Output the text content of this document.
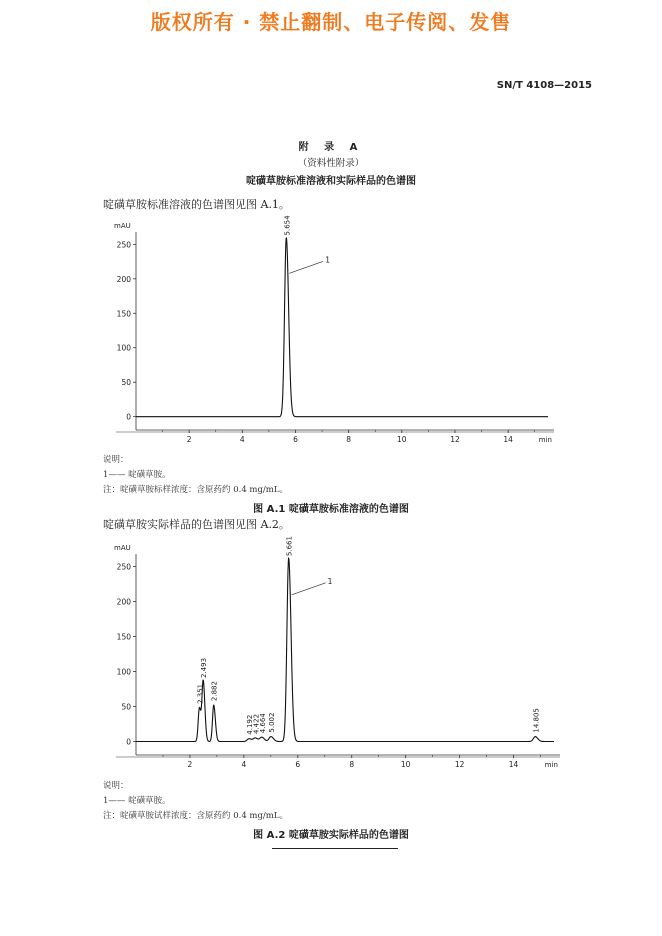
版权所有 · 禁止翻制、电子传阅、发售
SN/T 4108—2015
附 录 A
（资料性附录）
啶磺草胺标准溶液和实际样品的色谱图
啶磺草胺标准溶液的色谱图见图 A.1。
0
50
100
150
200
250
mAU
2	4	6	8	10	12	14	min
5.654
1
说明：
1—— 啶磺草胺。
注：啶磺草胺标样浓度：含原药约 0.4 mg/mL。
图 A.1 啶磺草胺标准溶液的色谱图
啶磺草胺实际样品的色谱图见图 A.2。
0
50
100
150
200
250
mAU
2	4	6	8	10	12	14	min
2.351
2.493
2.882
4.192
4.422
4.664 5.002
5.661
14.805
1
说明：
1—— 啶磺草胺。
注：啶磺草胺试样浓度：含原药约 0.4 mg/mL。
图 A.2 啶磺草胺实际样品的色谱图
